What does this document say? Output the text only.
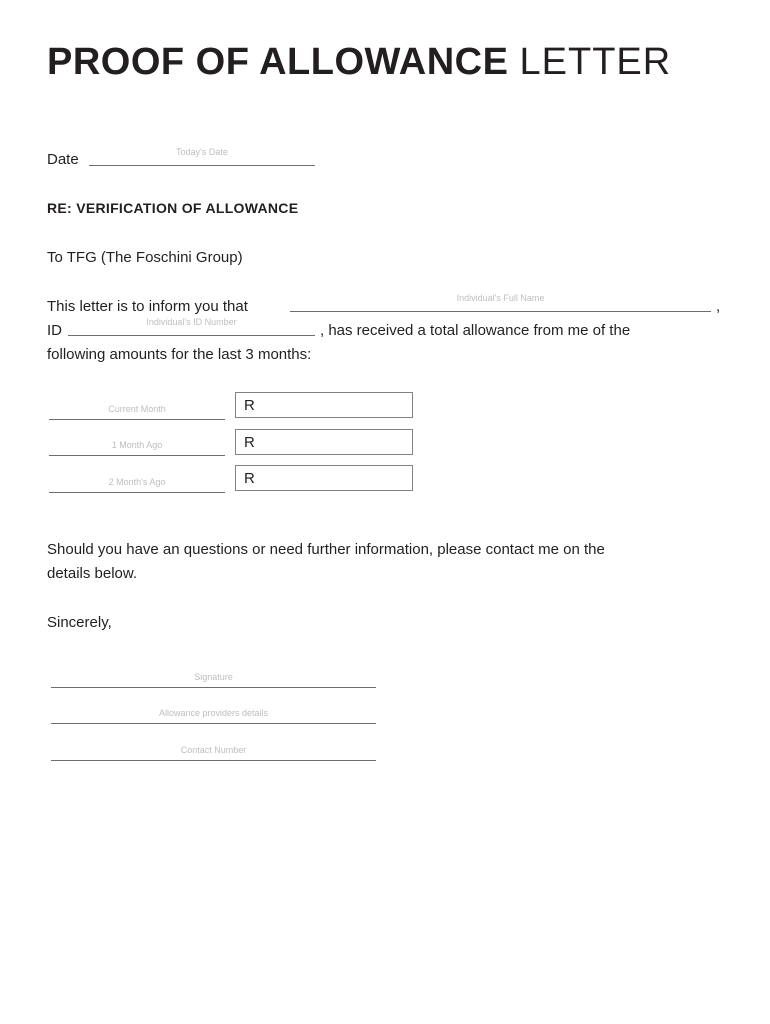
PROOF OF ALLOWANCE LETTER
Date	Today's Date
RE: VERIFICATION OF ALLOWANCE
To TFG (The Foschini Group)
This letter is to inform you that	Individual's Full Name	,
ID	Individual's ID Number	, has received a total allowance from me of the
following amounts for the last 3 months:
Current Month	R
1 Month Ago	R
2 Month's Ago	R
Should you have an questions or need further information, please contact me on the
details below.
Sincerely,
Signature
Allowance providers details
Contact Number
